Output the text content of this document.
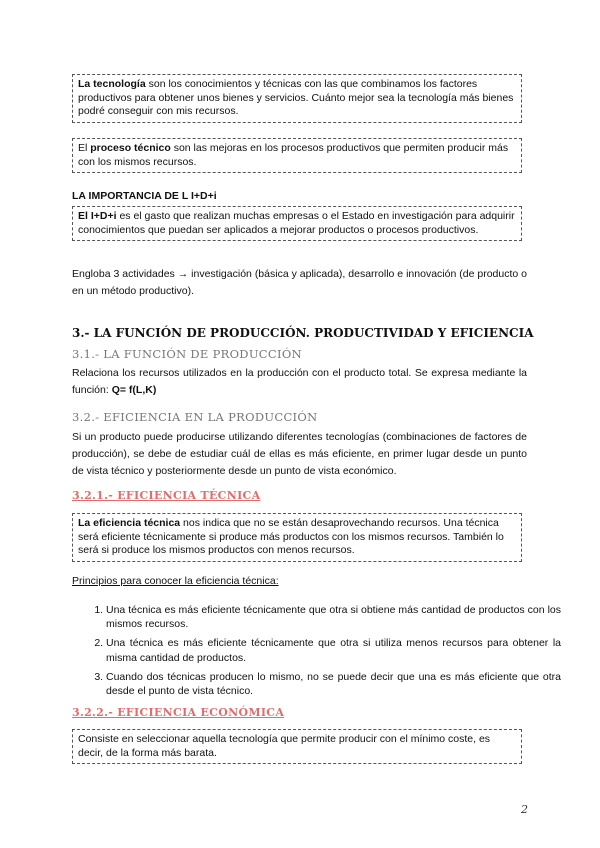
La tecnología son los conocimientos y técnicas con las que combinamos los factores productivos para obtener unos bienes y servicios. Cuánto mejor sea la tecnología más bienes podré conseguir con mis recursos.
El proceso técnico son las mejoras en los procesos productivos que permiten producir más con los mismos recursos.
LA IMPORTANCIA DE L I+D+i
El I+D+i es el gasto que realizan muchas empresas o el Estado en investigación para adquirir conocimientos que puedan ser aplicados a mejorar productos o procesos productivos.
Engloba 3 actividades → investigación (básica y aplicada), desarrollo e innovación (de producto o en un método productivo).
3.- LA FUNCIÓN DE PRODUCCIÓN. PRODUCTIVIDAD Y EFICIENCIA
3.1.- LA FUNCIÓN DE PRODUCCIÓN
Relaciona los recursos utilizados en la producción con el producto total. Se expresa mediante la función: Q= f(L,K)
3.2.- EFICIENCIA EN LA PRODUCCIÓN
Si un producto puede producirse utilizando diferentes tecnologías (combinaciones de factores de producción), se debe de estudiar cuál de ellas es más eficiente, en primer lugar desde un punto de vista técnico y posteriormente desde un punto de vista económico.
3.2.1.- EFICIENCIA TÉCNICA
La eficiencia técnica nos indica que no se están desaprovechando recursos. Una técnica será eficiente técnicamente si produce más productos con los mismos recursos. También lo será si produce los mismos productos con menos recursos.
Principios para conocer la eficiencia técnica:
1. Una técnica es más eficiente técnicamente que otra si obtiene más cantidad de productos con los mismos recursos.
2. Una técnica es más eficiente técnicamente que otra si utiliza menos recursos para obtener la misma cantidad de productos.
3. Cuando dos técnicas producen lo mismo, no se puede decir que una es más eficiente que otra desde el punto de vista técnico.
3.2.2.- EFICIENCIA ECONÓMICA
Consiste en seleccionar aquella tecnología que permite producir con el mínimo coste, es decir, de la forma más barata.
2
